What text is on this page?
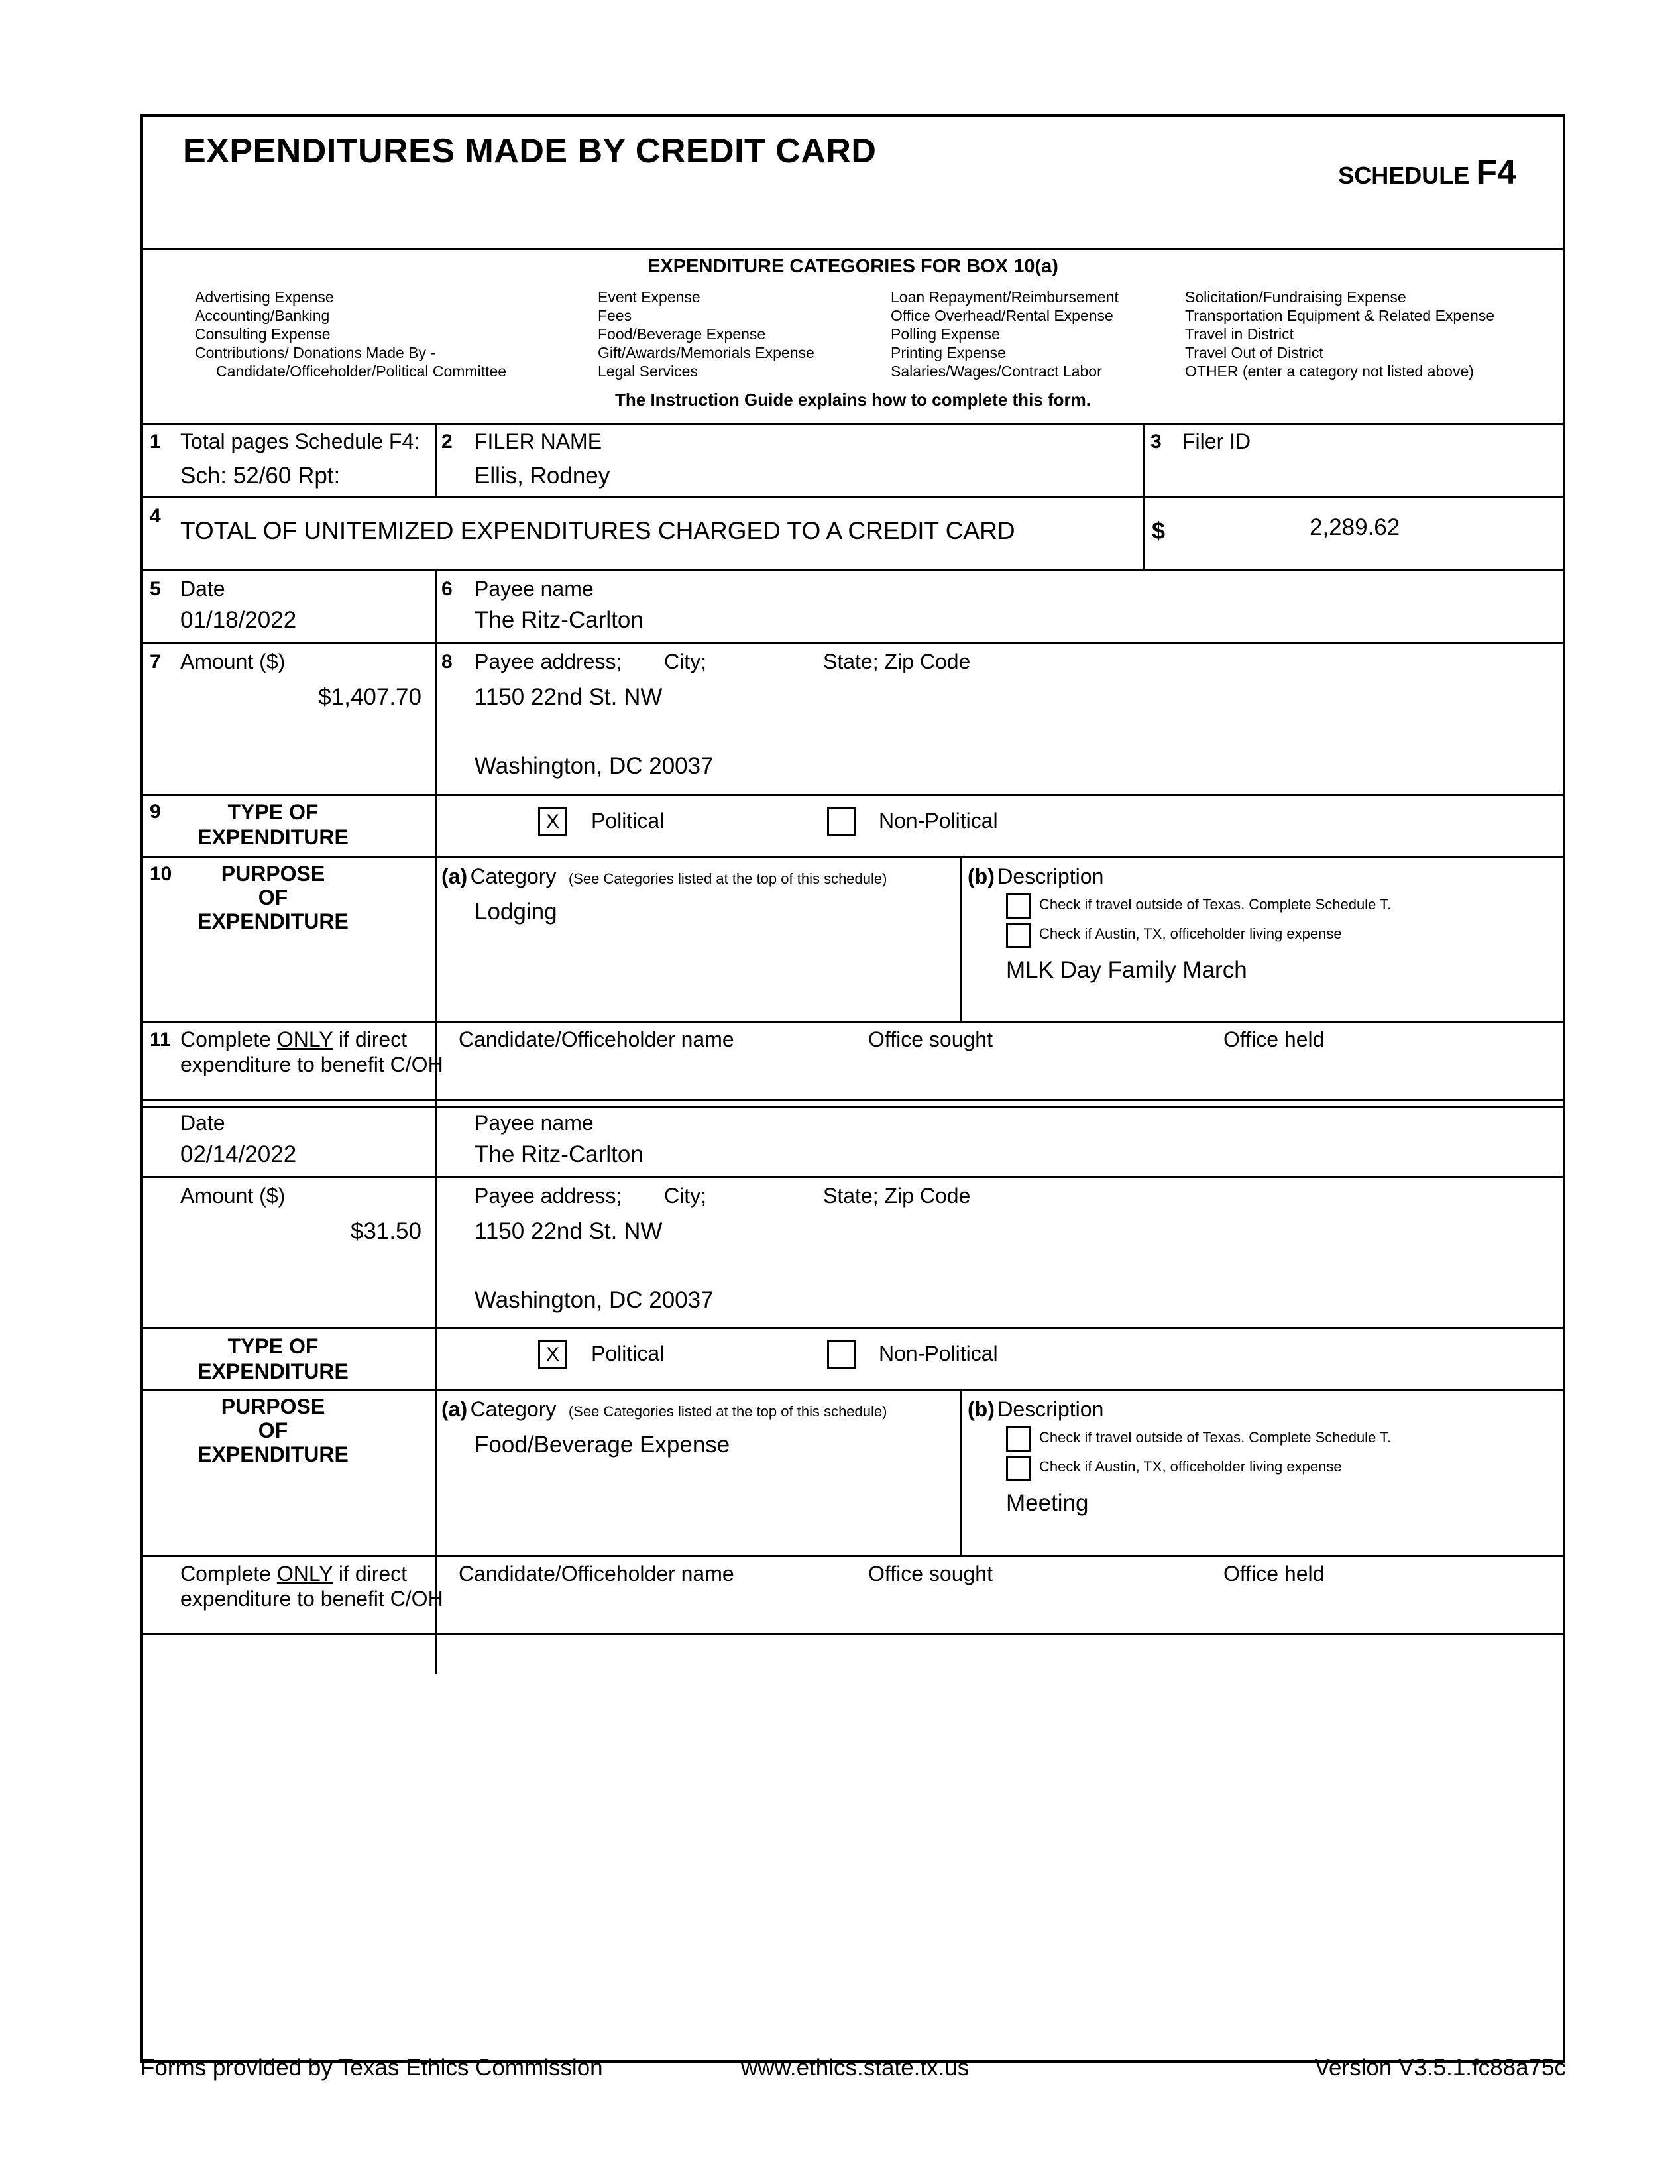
EXPENDITURES MADE BY CREDIT CARD
SCHEDULE F4
EXPENDITURE CATEGORIES FOR BOX 10(a)
Advertising Expense
Accounting/Banking
Consulting Expense
Contributions/ Donations Made By -
Candidate/Officeholder/Political Committee
Event Expense
Fees
Food/Beverage Expense
Gift/Awards/Memorials Expense
Legal Services
Loan Repayment/Reimbursement
Office Overhead/Rental Expense
Polling Expense
Printing Expense
Salaries/Wages/Contract Labor
Solicitation/Fundraising Expense
Transportation Equipment & Related Expense
Travel in District
Travel Out of District
OTHER (enter a category not listed above)
The Instruction Guide explains how to complete this form.
1 Total pages Schedule F4:
Sch: 52/60 Rpt:
2 FILER NAME
Ellis, Rodney
3 Filer ID
4
TOTAL OF UNITEMIZED EXPENDITURES CHARGED TO A CREDIT CARD	$	2,289.62
5 Date
01/18/2022
6 Payee name
The Ritz-Carlton
7 Amount ($)
$1,407.70
8 Payee address; City;	State; Zip Code
1150 22nd St. NW
Washington, DC 20037
9	TYPE OF
EXPENDITURE
X	Political	Non-Political
10	PURPOSE
OF
EXPENDITURE
(a) Category (See Categories listed at the top of this schedule)
Lodging
(b) Description
Check if travel outside of Texas. Complete Schedule T.
Check if Austin, TX, officeholder living expense
MLK Day Family March
11 Complete ONLY if direct
expenditure to benefit C/OH
Candidate/Officeholder name	Office sought	Office held
Date
02/14/2022
Payee name
The Ritz-Carlton
Amount ($)
$31.50
Payee address; City;	State; Zip Code
1150 22nd St. NW
Washington, DC 20037
TYPE OF
EXPENDITURE
X	Political	Non-Political
PURPOSE
OF
EXPENDITURE
(a) Category (See Categories listed at the top of this schedule)
Food/Beverage Expense
(b) Description
Check if travel outside of Texas. Complete Schedule T.
Check if Austin, TX, officeholder living expense
Meeting
Complete ONLY if direct
expenditure to benefit C/OH
Candidate/Officeholder name	Office sought	Office held
Forms provided by Texas Ethics Commission	www.ethics.state.tx.us	Version V3.5.1.fc88a75c
